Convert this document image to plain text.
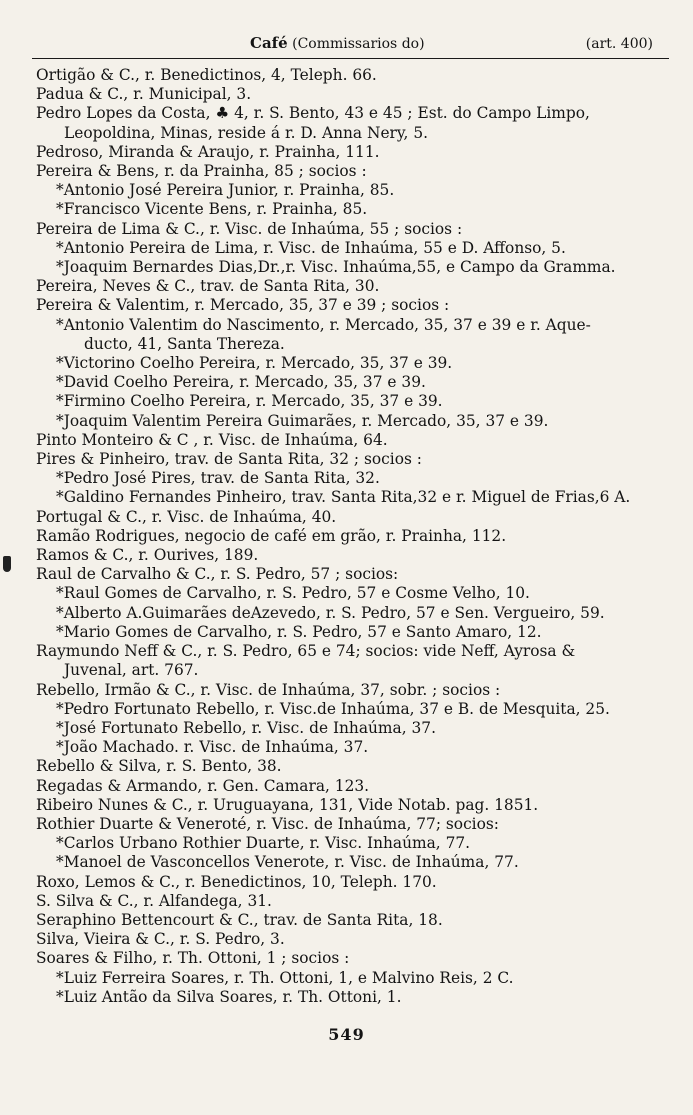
Café (Commissarios do)	(art. 400)
Ortigão & C., r. Benedictinos, 4, Teleph. 66.
Padua & C., r. Municipal, 3.
Pedro Lopes da Costa, ♣ 4, r. S. Bento, 43 e 45 ; Est. do Campo Limpo,
Leopoldina, Minas, reside á r. D. Anna Nery, 5.
Pedroso, Miranda & Araujo, r. Prainha, 111.
Pereira & Bens, r. da Prainha, 85 ; socios :
*Antonio José Pereira Junior, r. Prainha, 85.
*Francisco Vicente Bens, r. Prainha, 85.
Pereira de Lima & C., r. Visc. de Inhaúma, 55 ; socios :
*Antonio Pereira de Lima, r. Visc. de Inhaúma, 55 e D. Affonso, 5.
*Joaquim Bernardes Dias,Dr.,r. Visc. Inhaúma,55, e Campo da Gramma.
Pereira, Neves & C., trav. de Santa Rita, 30.
Pereira & Valentim, r. Mercado, 35, 37 e 39 ; socios :
*Antonio Valentim do Nascimento, r. Mercado, 35, 37 e 39 e r. Aque-
ducto, 41, Santa Thereza.
*Victorino Coelho Pereira, r. Mercado, 35, 37 e 39.
*David Coelho Pereira, r. Mercado, 35, 37 e 39.
*Firmino Coelho Pereira, r. Mercado, 35, 37 e 39.
*Joaquim Valentim Pereira Guimarães, r. Mercado, 35, 37 e 39.
Pinto Monteiro & C , r. Visc. de Inhaúma, 64.
Pires & Pinheiro, trav. de Santa Rita, 32 ; socios :
*Pedro José Pires, trav. de Santa Rita, 32.
*Galdino Fernandes Pinheiro, trav. Santa Rita,32 e r. Miguel de Frias,6 A.
Portugal & C., r. Visc. de Inhaúma, 40.
Ramão Rodrigues, negocio de café em grão, r. Prainha, 112.
Ramos & C., r. Ourives, 189.
Raul de Carvalho & C., r. S. Pedro, 57 ; socios:
*Raul Gomes de Carvalho, r. S. Pedro, 57 e Cosme Velho, 10.
*Alberto A.Guimarães deAzevedo, r. S. Pedro, 57 e Sen. Vergueiro, 59.
*Mario Gomes de Carvalho, r. S. Pedro, 57 e Santo Amaro, 12.
Raymundo Neff & C., r. S. Pedro, 65 e 74; socios: vide Neff, Ayrosa &
Juvenal, art. 767.
Rebello, Irmão & C., r. Visc. de Inhaúma, 37, sobr. ; socios :
*Pedro Fortunato Rebello, r. Visc.de Inhaúma, 37 e B. de Mesquita, 25.
*José Fortunato Rebello, r. Visc. de Inhaúma, 37.
*João Machado. r. Visc. de Inhaúma, 37.
Rebello & Silva, r. S. Bento, 38.
Regadas & Armando, r. Gen. Camara, 123.
Ribeiro Nunes & C., r. Uruguayana, 131, Vide Notab. pag. 1851.
Rothier Duarte & Veneroté, r. Visc. de Inhaúma, 77; socios:
*Carlos Urbano Rothier Duarte, r. Visc. Inhaúma, 77.
*Manoel de Vasconcellos Venerote, r. Visc. de Inhaúma, 77.
Roxo, Lemos & C., r. Benedictinos, 10, Teleph. 170.
S. Silva & C., r. Alfandega, 31.
Seraphino Bettencourt & C., trav. de Santa Rita, 18.
Silva, Vieira & C., r. S. Pedro, 3.
Soares & Filho, r. Th. Ottoni, 1 ; socios :
*Luiz Ferreira Soares, r. Th. Ottoni, 1, e Malvino Reis, 2 C.
*Luiz Antão da Silva Soares, r. Th. Ottoni, 1.
549
